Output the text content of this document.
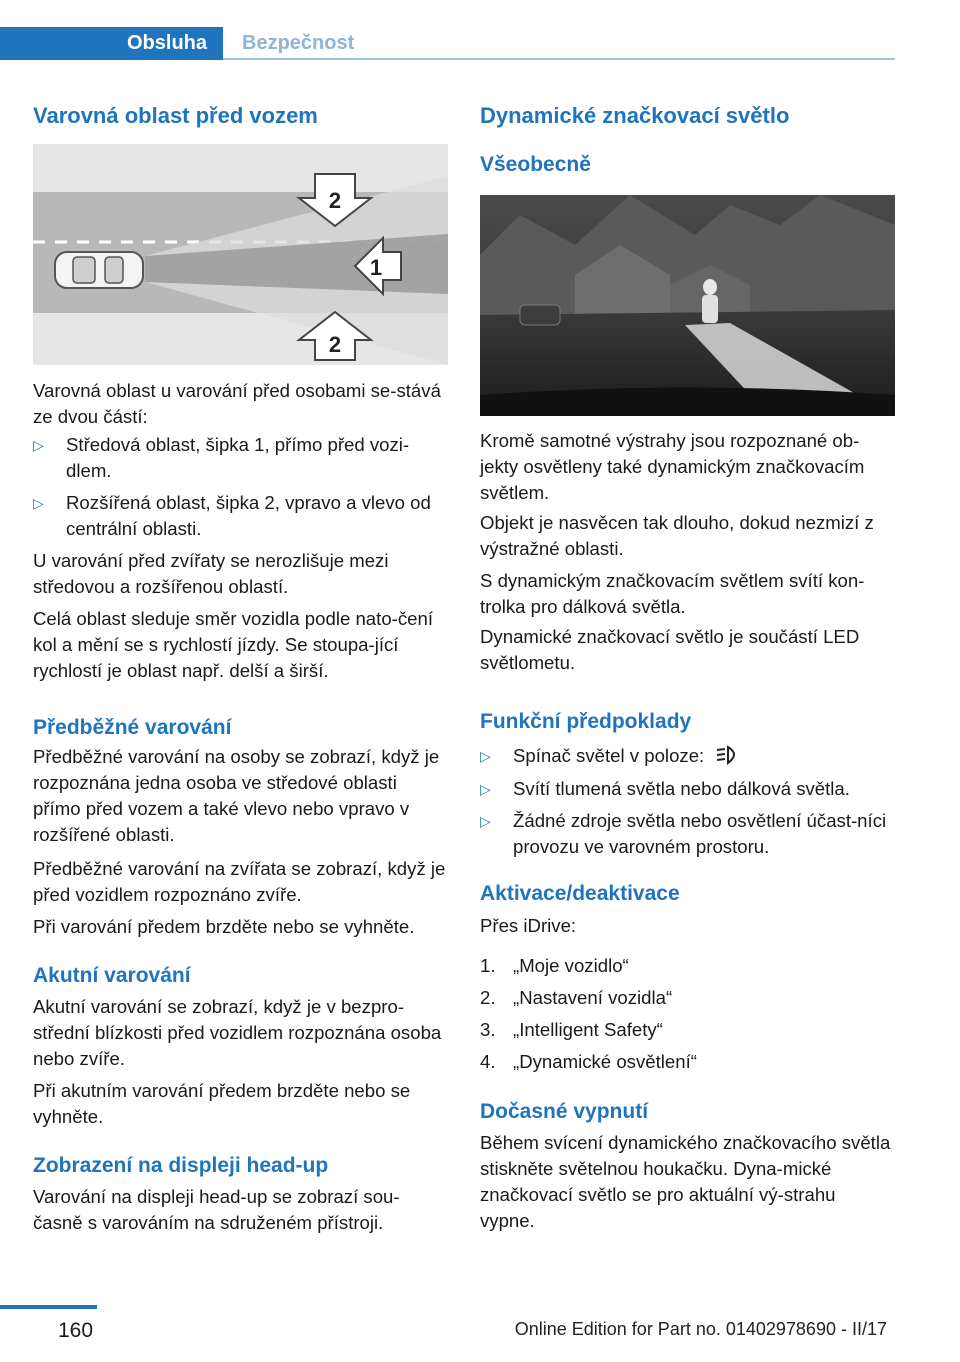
Obsluha Bezpečnost
Varovná oblast před vozem
2
1
2
Varovná oblast u varování před osobami se-stává ze dvou částí:
▷ Středová oblast, šipka 1, přímo před vozi-dlem.
▷ Rozšířená oblast, šipka 2, vpravo a vlevo od centrální oblasti.
U varování před zvířaty se nerozlišuje mezi středovou a rozšířenou oblastí.
Celá oblast sleduje směr vozidla podle nato-čení kol a mění se s rychlostí jízdy. Se stoupa-jící rychlostí je oblast např. delší a širší.
Předběžné varování
Předběžné varování na osoby se zobrazí, když je rozpoznána jedna osoba ve středové oblasti přímo před vozem a také vlevo nebo vpravo v rozšířené oblasti.
Předběžné varování na zvířata se zobrazí, když je před vozidlem rozpoznáno zvíře.
Při varování předem brzděte nebo se vyhněte.
Akutní varování
Akutní varování se zobrazí, když je v bezpro-střední blízkosti před vozidlem rozpoznána osoba nebo zvíře.
Při akutním varování předem brzděte nebo se vyhněte.
Zobrazení na displeji head-up
Varování na displeji head-up se zobrazí sou-časně s varováním na sdruženém přístroji.
Dynamické značkovací světlo
Všeobecně
Kromě samotné výstrahy jsou rozpoznané ob-jekty osvětleny také dynamickým značkovacím světlem.
Objekt je nasvěcen tak dlouho, dokud nezmizí z výstražné oblasti.
S dynamickým značkovacím světlem svítí kon-trolka pro dálková světla.
Dynamické značkovací světlo je součástí LED světlometu.
Funkční předpoklady
▷ Spínač světel v poloze:
▷ Svítí tlumená světla nebo dálková světla.
▷ Žádné zdroje světla nebo osvětlení účast-níci provozu ve varovném prostoru.
Aktivace/deaktivace
Přes iDrive:
1. „Moje vozidlo“
2. „Nastavení vozidla“
3. „Intelligent Safety“
4. „Dynamické osvětlení“
Dočasné vypnutí
Během svícení dynamického značkovacího světla stiskněte světelnou houkačku. Dyna-mické značkovací světlo se pro aktuální vý-strahu vypne.
160	Online Edition for Part no. 01402978690 - II/17
